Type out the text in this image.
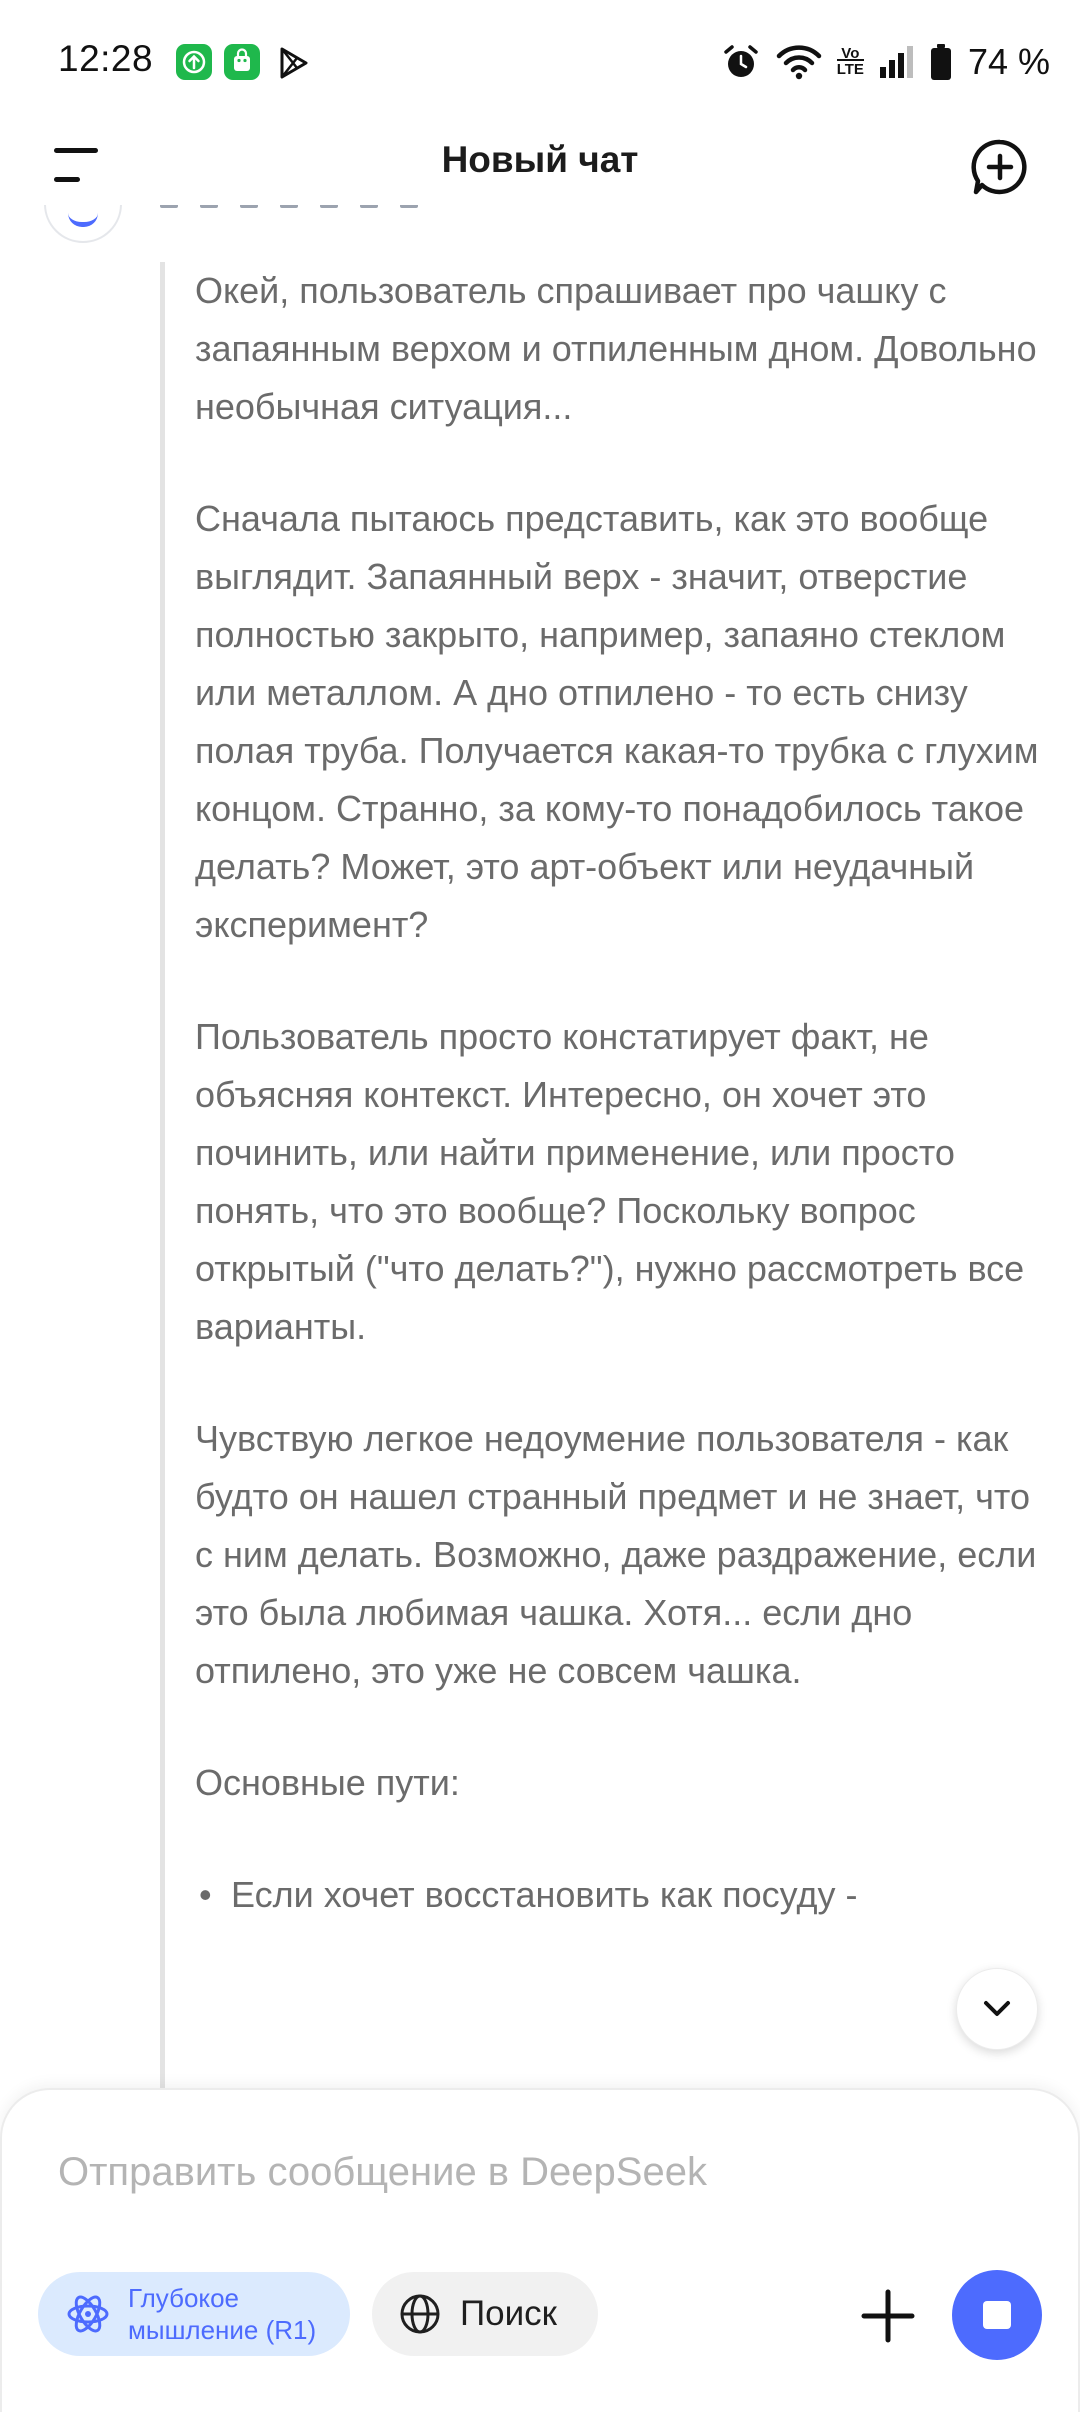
12:28	Vo
LTE	74 %
Новый чат

Окей, пользователь спрашивает про чашку с запаянным верхом и отпиленным дном. Довольно необычная ситуация...

Сначала пытаюсь представить, как это вообще выглядит. Запаянный верх - значит, отверстие полностью закрыто, например, запаяно стеклом или металлом. А дно отпилено - то есть снизу полая труба. Получается какая-то трубка с глухим концом. Странно, за кому-то понадобилось такое делать? Может, это арт-объект или неудачный эксперимент?

Пользователь просто констатирует факт, не объясняя контекст. Интересно, он хочет это починить, или найти применение, или просто понять, что это вообще? Поскольку вопрос открытый ("что делать?"), нужно рассмотреть все варианты.

Чувствую легкое недоумение пользователя - как будто он нашел странный предмет и не знает, что с ним делать. Возможно, даже раздражение, если это была любимая чашка. Хотя... если дно отпилено, это уже не совсем чашка.

Основные пути:

• Если хочет восстановить как посуду -
Отправить сообщение в DeepSeek
Глубокое
мышление (R1)	Поиск
